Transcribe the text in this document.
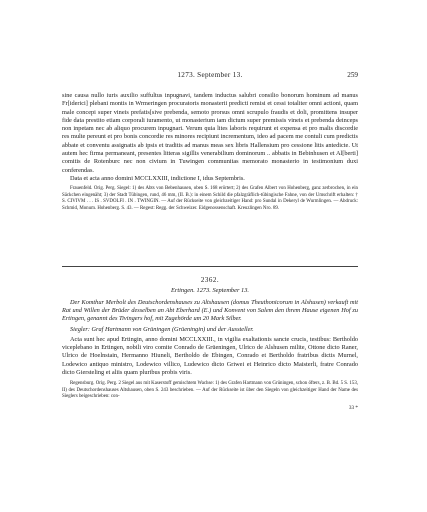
1273. September 13.	259

sine causa nullo iuris auxilio suffultus inpugnavi, tandem inductus salubri consilio bonorum hominum ad manus Fr[iderici] plebani montis in Wrmeringen procuratoris monasterii predicti remisi et cessi totaliter omni actioni, quam male concepi super vineis prefatis[sive prebenda, semoto prorsus omni scrupulo fraudis et doli, promittens insuper fide data prestito etiam corporali iuramento, ut monasterium iam dictum super premissis vineis et prebenda deinceps non inpetam nec ab aliquo procurem inpugnari. Verum quia lites laboris requirunt et expensa et pro malis discordie res multe pereunt et pro bonis concordie res minores recipiunt incrementum, ideo ad pacem me contuli cum predictis abbate et conventu assignatis ab ipsis et traditis ad manus meas sex libris Hallensium pro cessione litis antedicte. Ut autem hec firma permaneant, presentes litteras sigillis venerabilium dominorum .. abbatis in Bebinhusen et Al[berti] comitis de Rotenburc nec non civium in Tuwingen communitas memorato monasterio in testimonium duxi conferendas.

Data et acta anno domini MCCLXXIII, indictione I, idus Septembris.

Frauenfeld. Orig. Perg. Siegel: 1) des Abts von Bebenhausen, oben S. 168 erörtert; 2) des Grafen Albert von Hohenberg, ganz zerbrochen, in ein Säckchen eingenäht; 3) der Stadt Tübingen, rund, 46 mm, (II. B.): in einem Schild die pfalzgräflich-tübingische Fahne, von der Umschrift erhalten: † S. CIVIVM . . . IS . SVDOLFI . IN . TWINGIN. — Auf der Rückseite von gleichzeitiger Hand: pro Sundal in Dekeryl de Wurmlingen. — Abdruck: Schmid, Monum. Hohenberg. S. 43. — Regest: Regg. der Schweizer. Eidgenossenschaft. Kreuzlingen Nro. 89.

2362.
Ertingen. 1273. September 13.

Der Komthur Merbolt des Deutschordenshauses zu Altshausen (domus Theuthonicorum in Alshusen) verkauft mit Rat und Willen der Brüder desselben an Abt Eberhard (E.) und Konvent von Salem den ihrem Hause eigenen Hof zu Ertingen, genannt des Tivingers hof, mit Zugehörde um 20 Mark Silber.

Siegler: Graf Hartmann von Grüningen (Grüeningin) und der Aussteller.

Acta sunt hec apud Ertingin, anno domini MCCLXXIII., in vigilia exaltationis sancte crucis, testibus: Bertholdo viceplebano in Ertingen, nobili viro comite Conrado de Grüeningen, Ulrico de Alshusen milite, Ottone dicto Raner, Ulrico de Hoelnstain, Hermanno Hiuneli, Bertholdo de Ebingen, Conrado et Bertholdo fratribus dictis Murnel, Lodewico antiquo ministro, Lodewico villico, Ludewico dicto Griwei et Heinrico dicto Maisterli, fratre Conrado dicto Giersteling et aliis quam pluribus probis viris.

Regensburg. Orig. Perg. 2 Siegel aus mit Kaserstoff gemischtem Wachse: 1) des Grafen Hartmann von Grüningen, schon öfters, z. B. Bd. 5 S. 153, II) des Deutschordenshauses Altshausen, oben S. 243 beschrieben. — Auf der Rückseite ist über den Siegeln von gleichzeitiger Hand der Name des Sieglers beigeschrieben: con-

33 *
